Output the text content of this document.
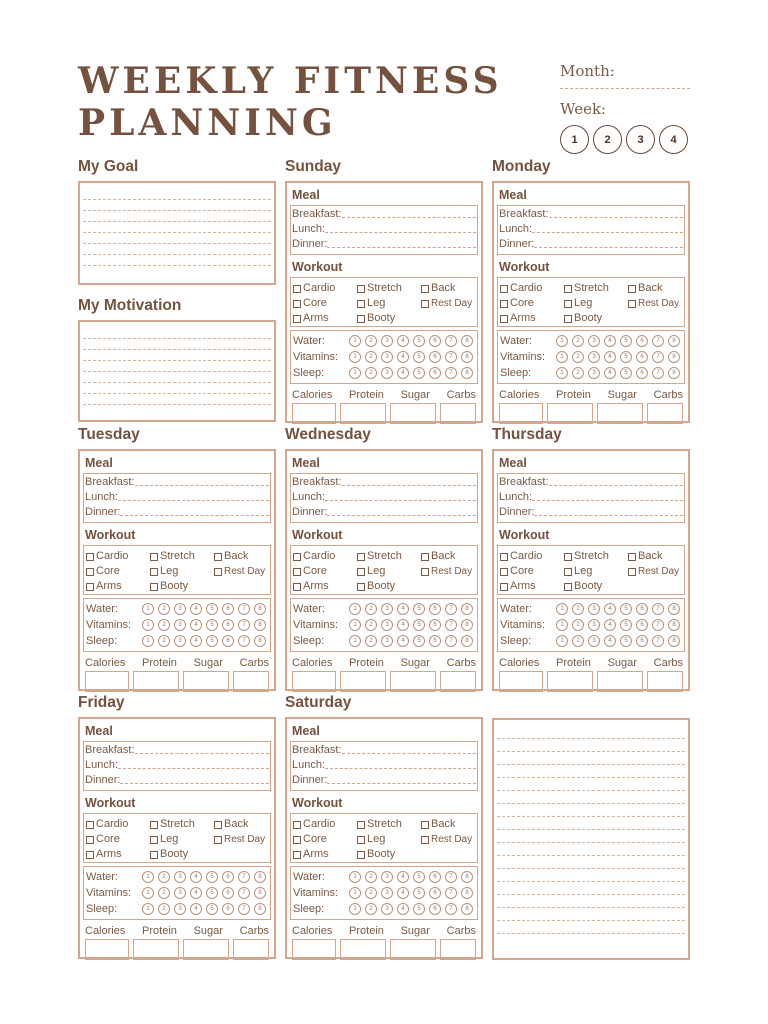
WEEKLY FITNESS
PLANNING
Month:
Week:
1	2	3	4
My Goal
My Motivation
Sunday
Meal
Breakfast:
Lunch:
Dinner:
Workout
Cardio
Core
Arms
Stretch
Leg
Booty
Back
Rest Day
Water:	1	2	3	4	5	6	7	8
Vitamins:	1	2	3	4	5	6	7	8
Sleep:	1	2	3	4	5	6	7	8
Calories Protein Sugar Carbs
Monday
Meal
Breakfast:
Lunch:
Dinner:
Workout
Cardio
Core
Arms
Stretch
Leg
Booty
Back
Rest Day
Water:	1	2	3	4	5	6	7	8
Vitamins:	1	2	3	4	5	6	7	8
Sleep:	1	2	3	4	5	6	7	8
Calories Protein Sugar Carbs
Tuesday
Meal
Breakfast:
Lunch:
Dinner:
Workout
Cardio
Core
Arms
Stretch
Leg
Booty
Back
Rest Day
Water:	1	2	3	4	5	6	7	8
Vitamins:	1	2	3	4	5	6	7	8
Sleep:	1	2	3	4	5	6	7	8
Calories Protein Sugar Carbs
Wednesday
Meal
Breakfast:
Lunch:
Dinner:
Workout
Cardio
Core
Arms
Stretch
Leg
Booty
Back
Rest Day
Water:	1	2	3	4	5	6	7	8
Vitamins:	1	2	3	4	5	6	7	8
Sleep:	1	2	3	4	5	6	7	8
Calories Protein Sugar Carbs
Thursday
Meal
Breakfast:
Lunch:
Dinner:
Workout
Cardio
Core
Arms
Stretch
Leg
Booty
Back
Rest Day
Water:	1	2	3	4	5	6	7	8
Vitamins:	1	2	3	4	5	6	7	8
Sleep:	1	2	3	4	5	6	7	8
Calories Protein Sugar Carbs
Friday
Meal
Breakfast:
Lunch:
Dinner:
Workout
Cardio
Core
Arms
Stretch
Leg
Booty
Back
Rest Day
Water:	1	2	3	4	5	6	7	8
Vitamins:	1	2	3	4	5	6	7	8
Sleep:	1	2	3	4	5	6	7	8
Calories Protein Sugar Carbs
Saturday
Meal
Breakfast:
Lunch:
Dinner:
Workout
Cardio
Core
Arms
Stretch
Leg
Booty
Back
Rest Day
Water:	1	2	3	4	5	6	7	8
Vitamins:	1	2	3	4	5	6	7	8
Sleep:	1	2	3	4	5	6	7	8
Calories Protein Sugar Carbs
